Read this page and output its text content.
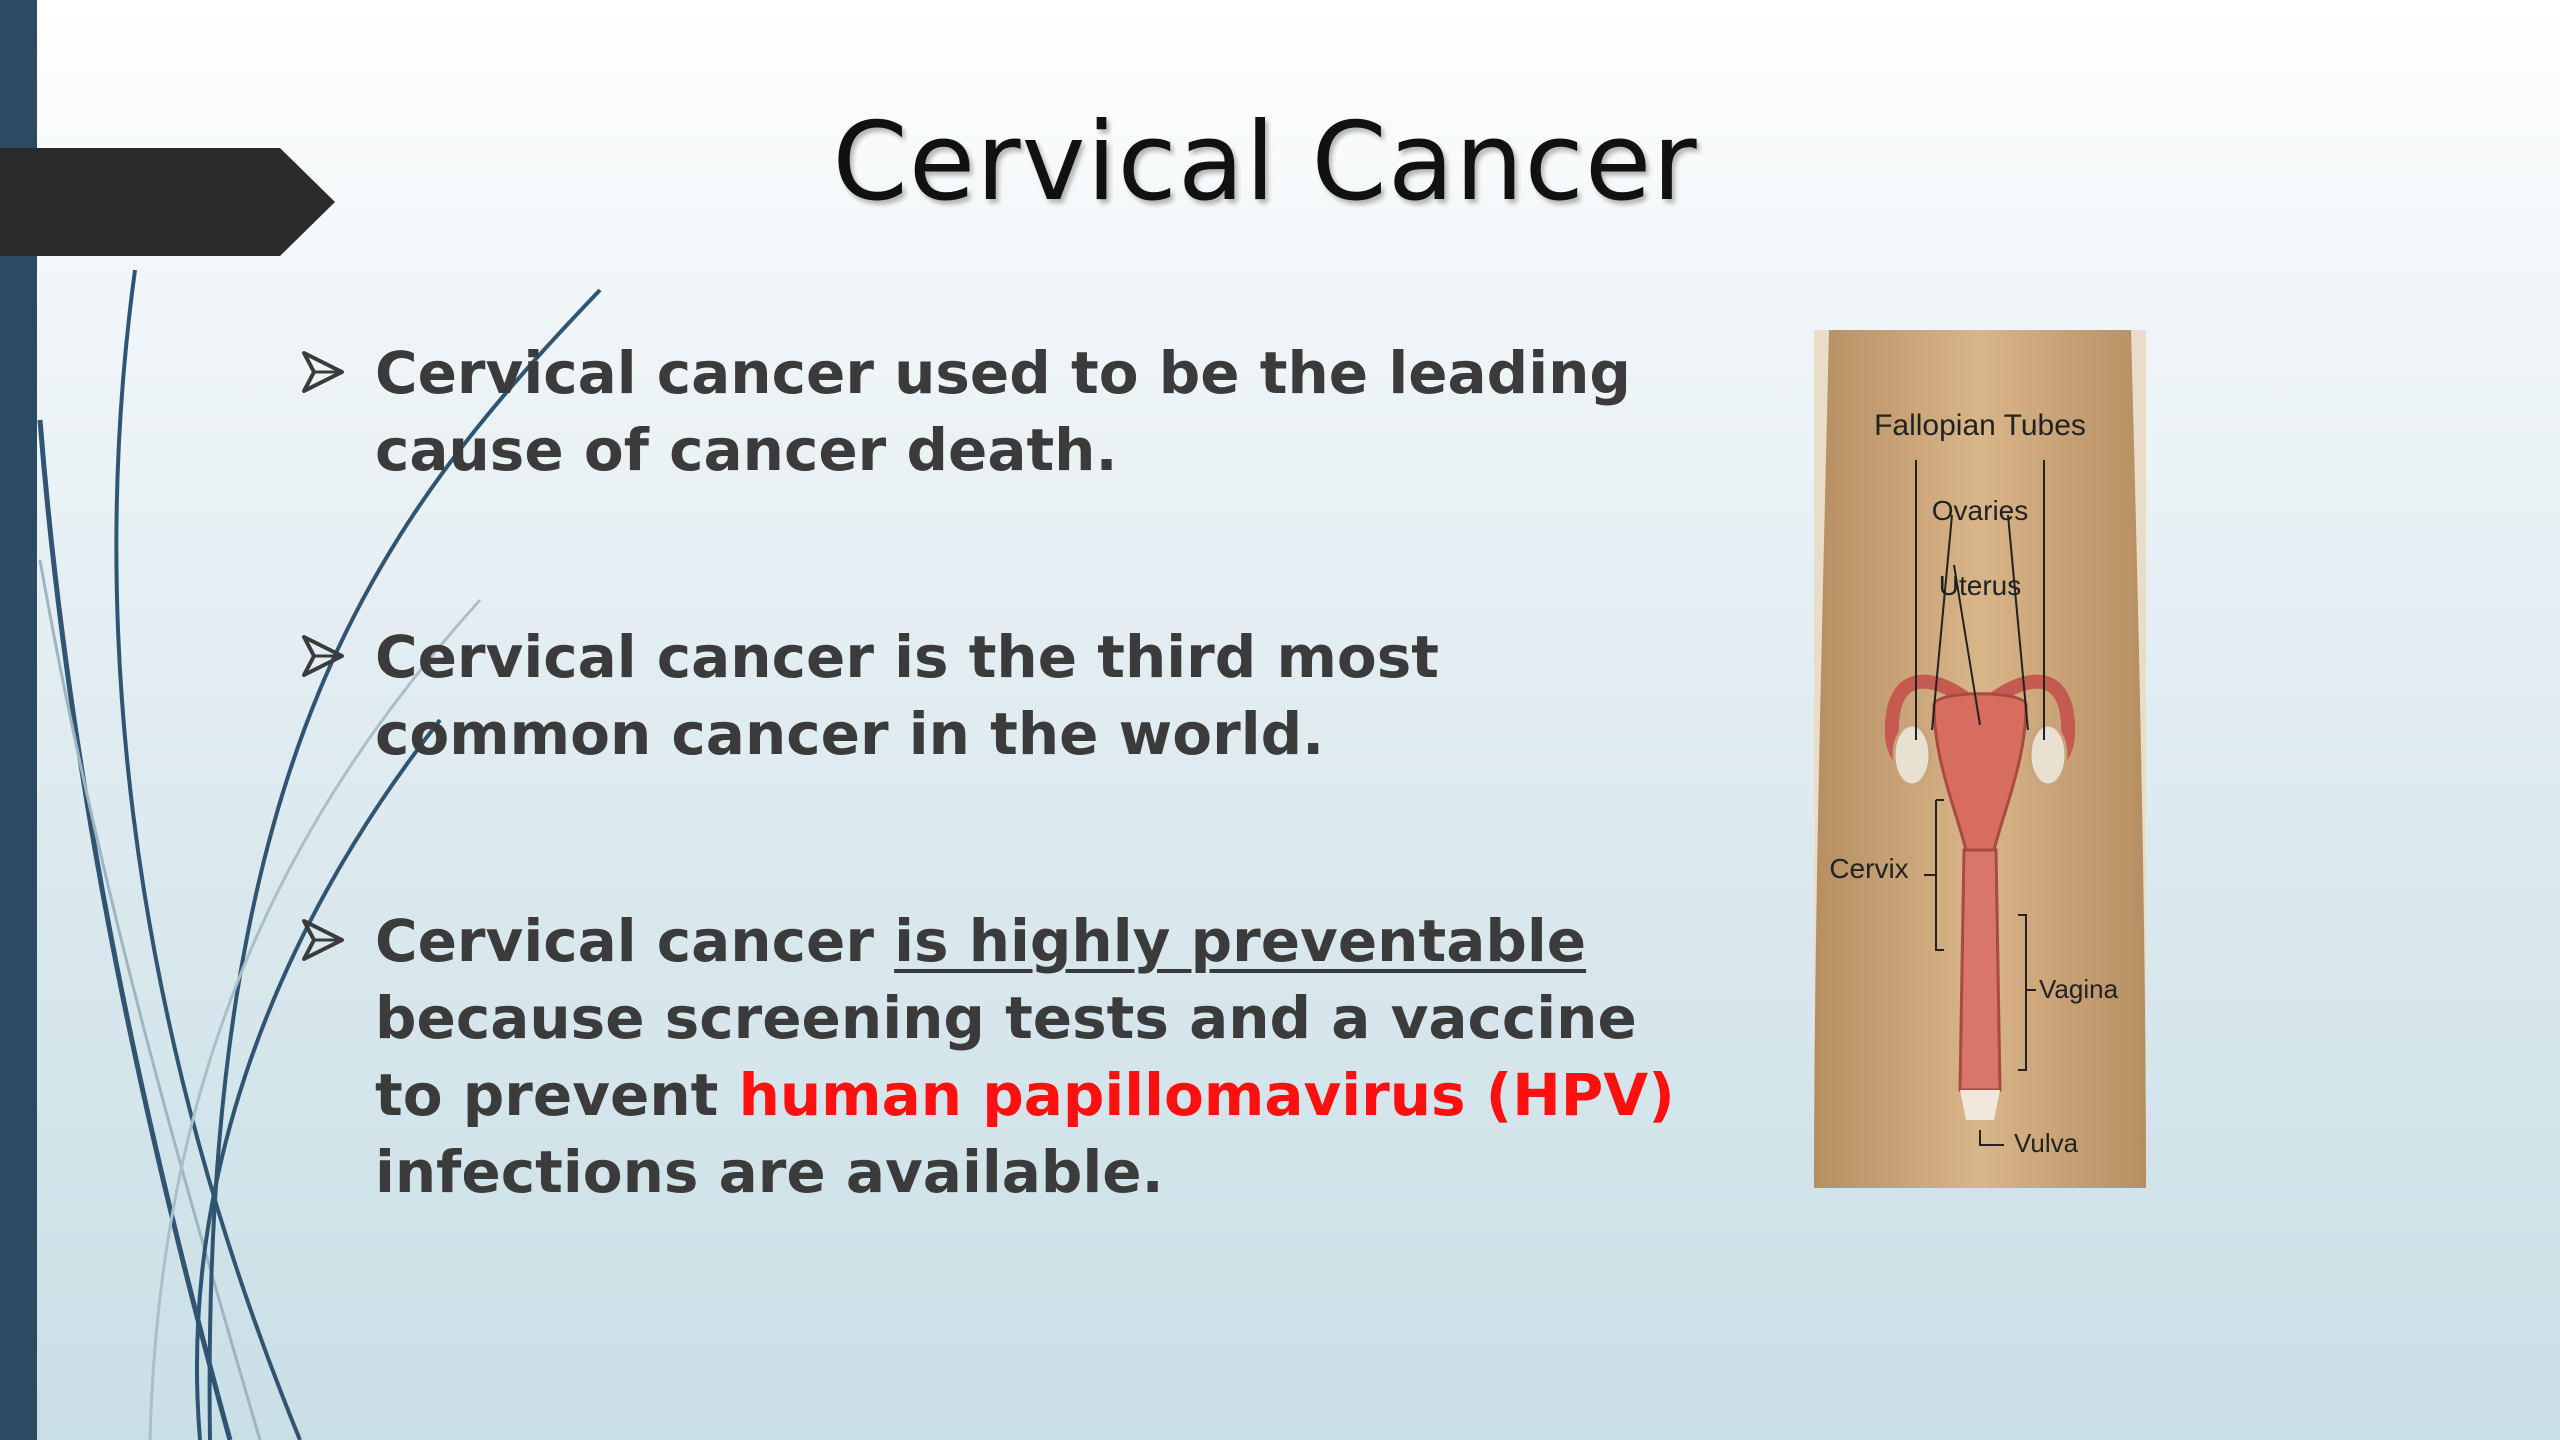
Cervical Cancer
Cervical cancer used to be the leading cause of cancer death.
Cervical cancer is the third most common cancer in the world.
Cervical cancer is highly preventable because screening tests and a vaccine to prevent human papillomavirus (HPV) infections are available.
Fallopian Tubes
Ovaries
Uterus
Cervix
Vagina
Vulva
